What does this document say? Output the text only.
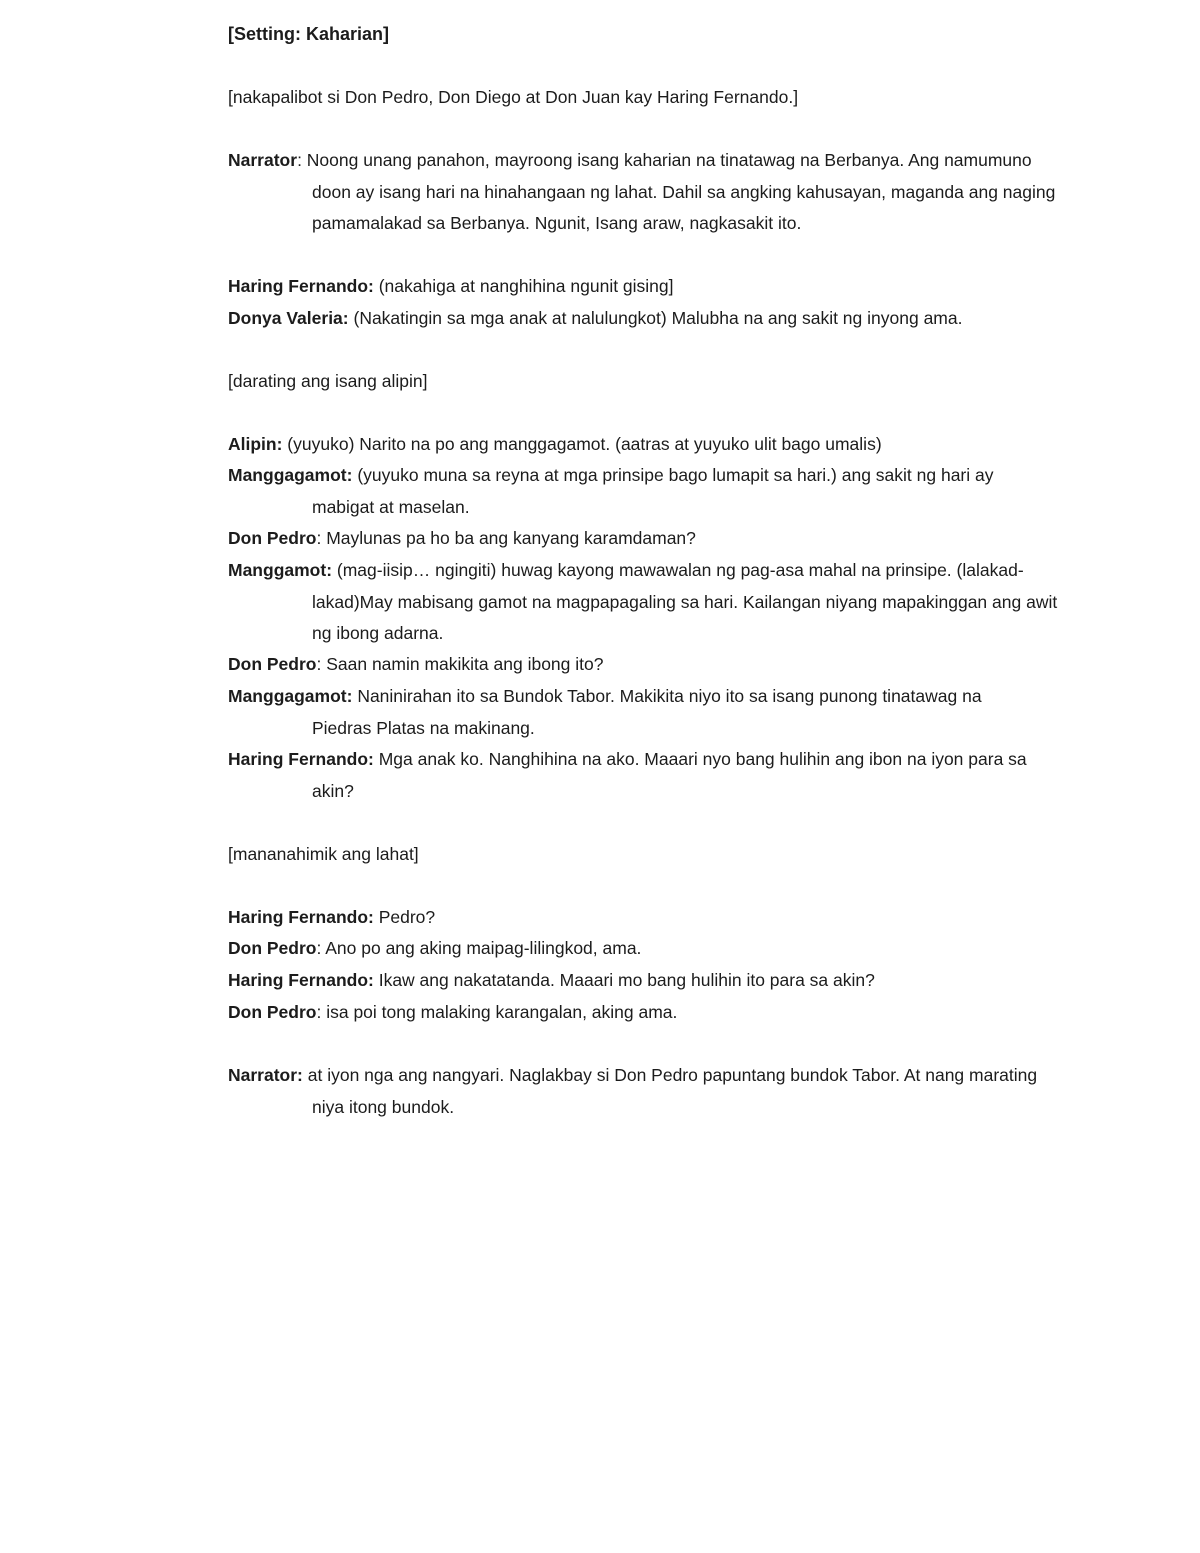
[Setting: Kaharian]
[nakapalibot si Don Pedro, Don Diego at Don Juan kay Haring Fernando.]
Narrator: Noong unang panahon, mayroong isang kaharian na tinatawag na Berbanya. Ang namumuno
doon ay isang hari na hinahangaan ng lahat. Dahil sa angking kahusayan, maganda ang naging
pamamalakad sa Berbanya. Ngunit, Isang araw, nagkasakit ito.
Haring Fernando: (nakahiga at nanghihina ngunit gising]
Donya Valeria: (Nakatingin sa mga anak at nalulungkot) Malubha na ang sakit ng inyong ama.
[darating ang isang alipin]
Alipin: (yuyuko) Narito na po ang manggagamot. (aatras at yuyuko ulit bago umalis)
Manggagamot: (yuyuko muna sa reyna at mga prinsipe bago lumapit sa hari.) ang sakit ng hari ay
mabigat at maselan.
Don Pedro: Maylunas pa ho ba ang kanyang karamdaman?
Manggamot: (mag-iisip… ngingiti) huwag kayong mawawalan ng pag-asa mahal na prinsipe. (lalakad-
lakad)May mabisang gamot na magpapagaling sa hari. Kailangan niyang mapakinggan ang awit
ng ibong adarna.
Don Pedro: Saan namin makikita ang ibong ito?
Manggagamot: Naninirahan ito sa Bundok Tabor. Makikita niyo ito sa isang punong tinatawag na
Piedras Platas na makinang.
Haring Fernando: Mga anak ko. Nanghihina na ako. Maaari nyo bang hulihin ang ibon na iyon para sa
akin?
[mananahimik ang lahat]
Haring Fernando: Pedro?
Don Pedro: Ano po ang aking maipag-lilingkod, ama.
Haring Fernando: Ikaw ang nakatatanda. Maaari mo bang hulihin ito para sa akin?
Don Pedro: isa poi tong malaking karangalan, aking ama.
Narrator: at iyon nga ang nangyari. Naglakbay si Don Pedro papuntang bundok Tabor. At nang marating
niya itong bundok.
